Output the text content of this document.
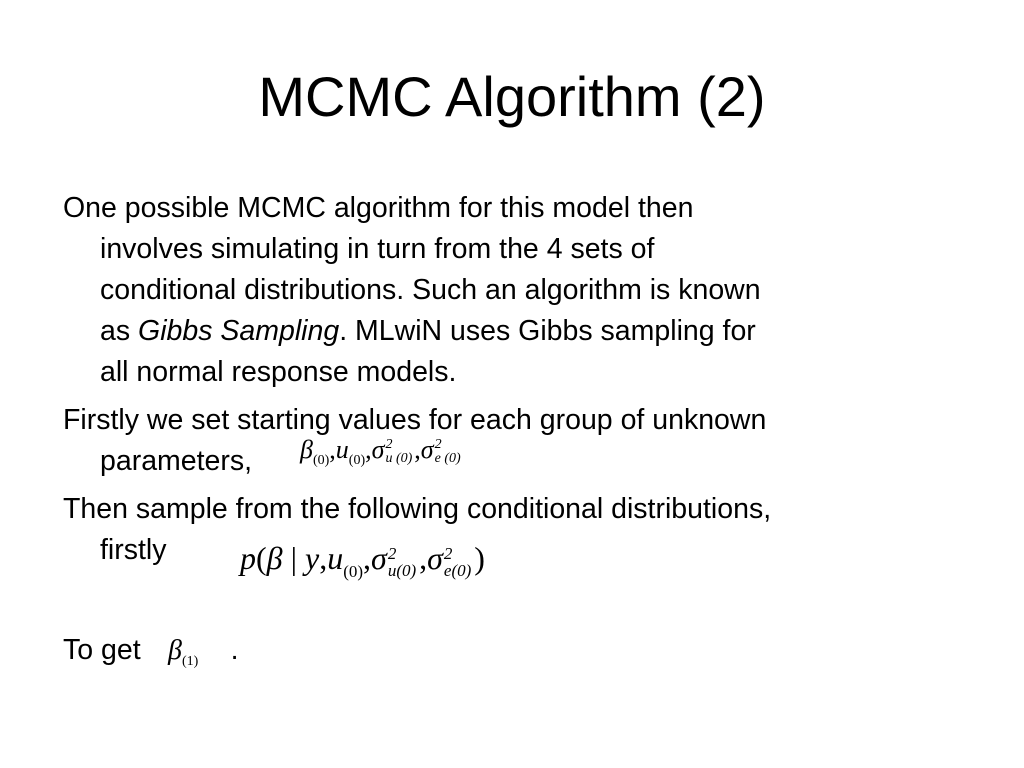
MCMC Algorithm (2)
One possible MCMC algorithm for this model then
involves simulating in turn from the 4 sets of
conditional distributions. Such an algorithm is known
as Gibbs Sampling. MLwiN uses Gibbs sampling for
all normal response models.
Firstly we set starting values for each group of unknown
parameters,	$\beta_{(0)},u_{(0)},\sigma$ 2
u (0) ,σ 2
e (0)
Then sample from the following conditional distributions,
firstly	p(β | $y,u_{(0)},\sigma$ 2
u(0) ,σ 2
e(0) )
To get	.
$\beta_{(1)}$
